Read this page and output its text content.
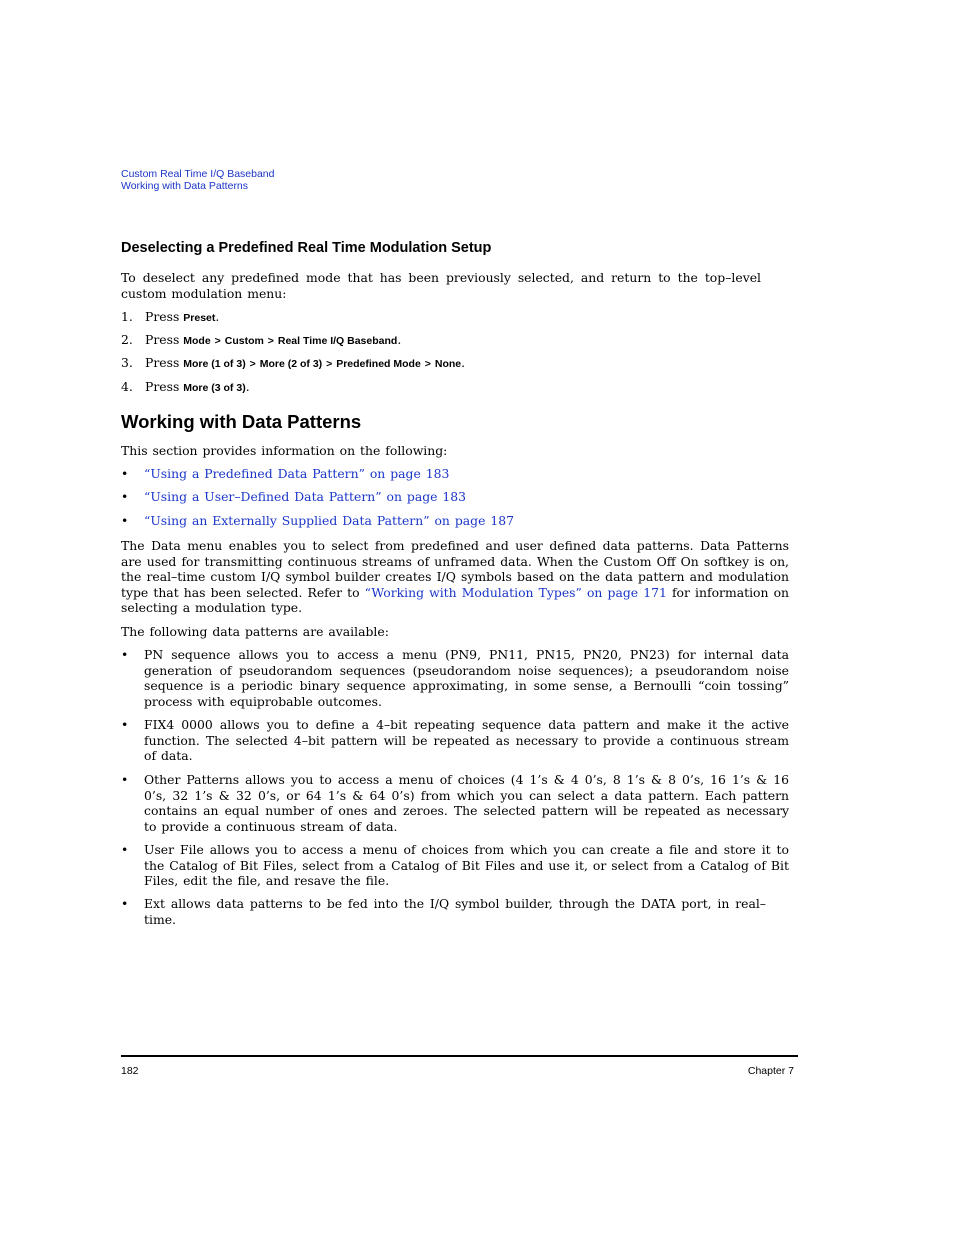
Custom Real Time I/Q Baseband
Working with Data Patterns
Deselecting a Predefined Real Time Modulation Setup
To deselect any predefined mode that has been previously selected, and return to the top–level custom modulation menu:
1. Press Preset.
2. Press Mode > Custom > Real Time I/Q Baseband.
3. Press More (1 of 3) > More (2 of 3) > Predefined Mode > None.
4. Press More (3 of 3).
Working with Data Patterns
This section provides information on the following:
• “Using a Predefined Data Pattern” on page 183
• “Using a User–Defined Data Pattern” on page 183
• “Using an Externally Supplied Data Pattern” on page 187
The Data menu enables you to select from predefined and user defined data patterns. Data Patterns are used for transmitting continuous streams of unframed data. When the Custom Off On softkey is on, the real–time custom I/Q symbol builder creates I/Q symbols based on the data pattern and modulation type that has been selected. Refer to “Working with Modulation Types” on page 171 for information on selecting a modulation type.
The following data patterns are available:
• PN sequence allows you to access a menu (PN9, PN11, PN15, PN20, PN23) for internal data generation of pseudorandom sequences (pseudorandom noise sequences); a pseudorandom noise sequence is a periodic binary sequence approximating, in some sense, a Bernoulli “coin tossing” process with equiprobable outcomes.
• FIX4 0000 allows you to define a 4–bit repeating sequence data pattern and make it the active function. The selected 4–bit pattern will be repeated as necessary to provide a continuous stream of data.
• Other Patterns allows you to access a menu of choices (4 1’s & 4 0’s, 8 1’s & 8 0’s, 16 1’s & 16 0’s, 32 1’s & 32 0’s, or 64 1’s & 64 0’s) from which you can select a data pattern. Each pattern contains an equal number of ones and zeroes. The selected pattern will be repeated as necessary to provide a continuous stream of data.
• User File allows you to access a menu of choices from which you can create a file and store it to the Catalog of Bit Files, select from a Catalog of Bit Files and use it, or select from a Catalog of Bit Files, edit the file, and resave the file.
• Ext allows data patterns to be fed into the I/Q symbol builder, through the DATA port, in real–time.
182	Chapter 7
